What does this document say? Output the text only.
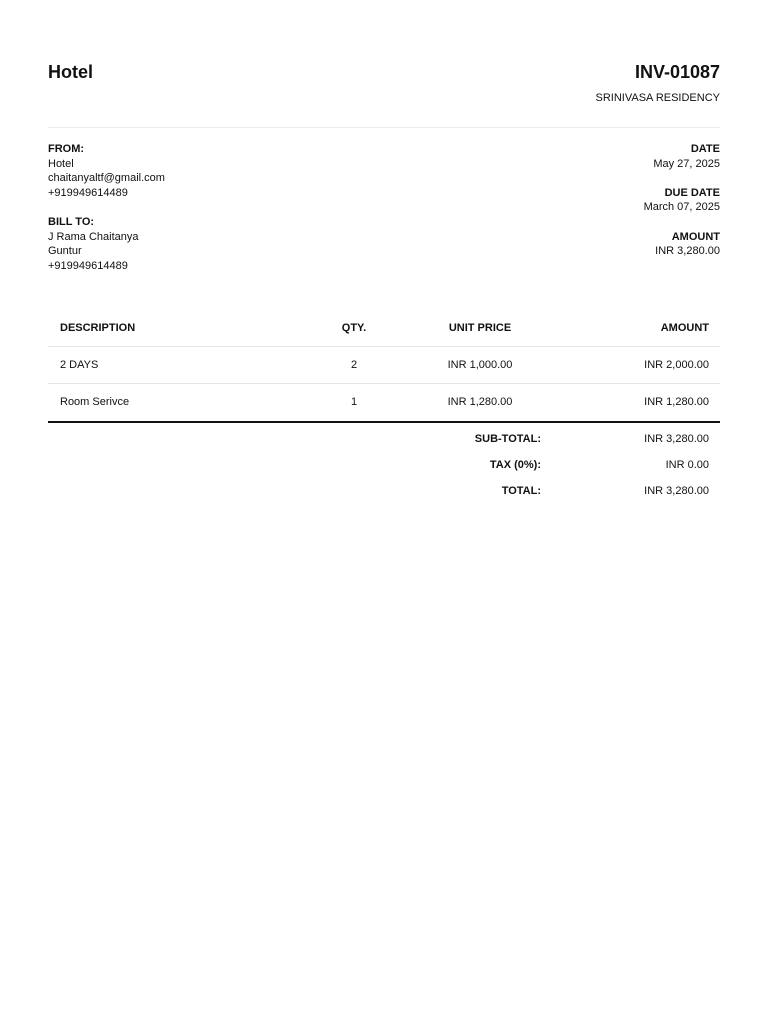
Hotel	INV-01087
SRINIVASA RESIDENCY
FROM:
Hotel
chaitanyaltf@gmail.com
+919949614489
BILL TO:
J Rama Chaitanya
Guntur
+919949614489
DATE
May 27, 2025
DUE DATE
March 07, 2025
AMOUNT
INR 3,280.00
DESCRIPTION	QTY.	UNIT PRICE	AMOUNT
2 DAYS	2	INR 1,000.00	INR 2,000.00
Room Serivce	1	INR 1,280.00	INR 1,280.00
SUB-TOTAL:	INR 3,280.00
TAX (0%):	INR 0.00
TOTAL:	INR 3,280.00
